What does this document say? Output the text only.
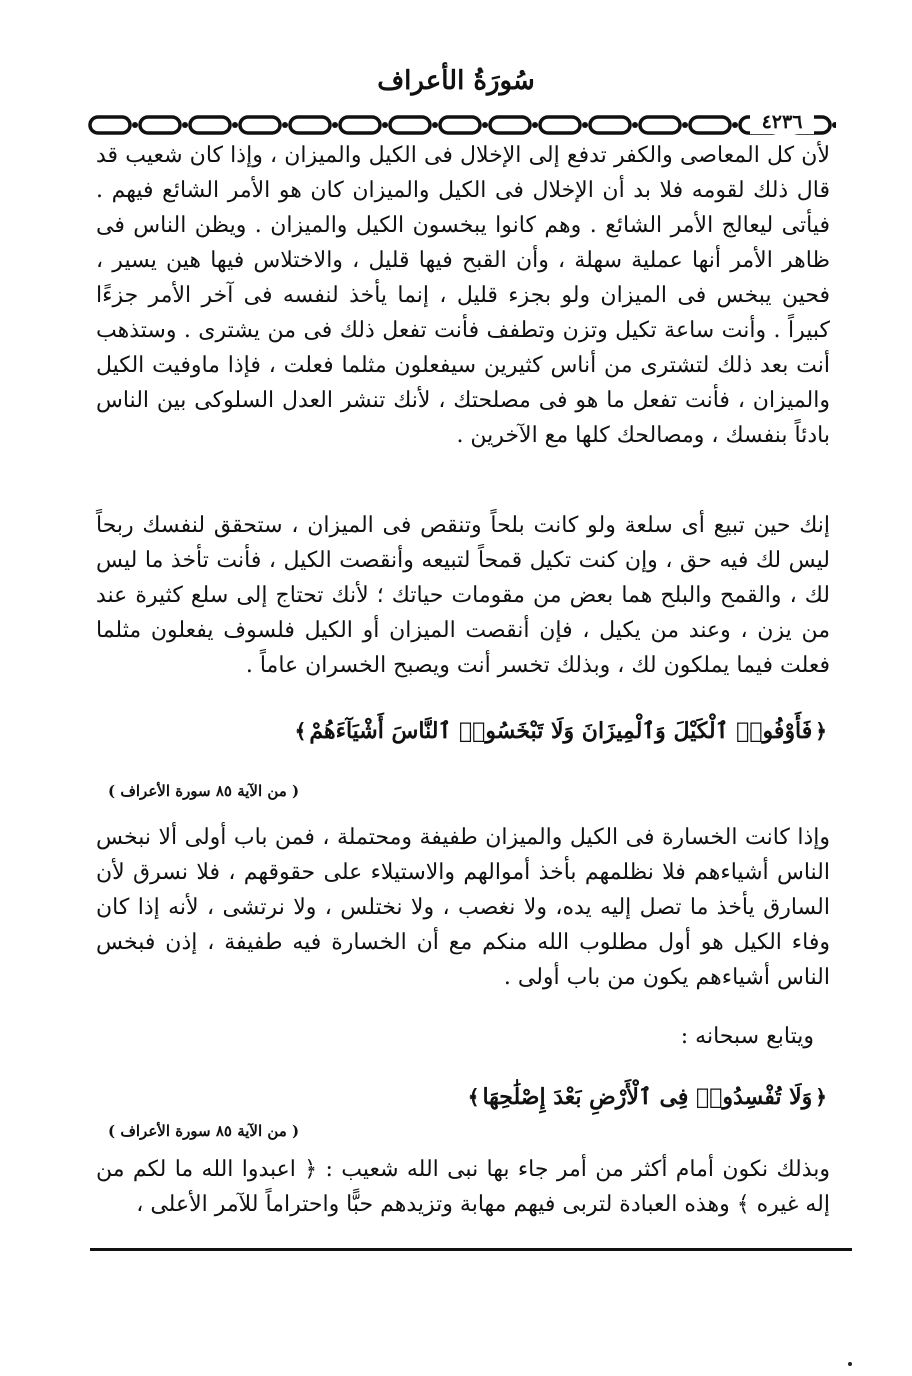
سُورَةُ الأعراف
٤٢٣٦

لأن كل المعاصى والكفر تدفع إلى الإخلال فى الكيل والميزان ، وإذا كان شعيب قد قال ذلك لقومه فلا بد أن الإخلال فى الكيل والميزان كان هو الأمر الشائع فيهم . فيأتى ليعالج الأمر الشائع . وهم كانوا يبخسون الكيل والميزان . ويظن الناس فى ظاهر الأمر أنها عملية سهلة ، وأن القبح فيها قليل ، والاختلاس فيها هين يسير ، فحين يبخس فى الميزان ولو بجزء قليل ، إنما يأخذ لنفسه فى آخر الأمر جزءًا كبيراً . وأنت ساعة تكيل وتزن وتطفف فأنت تفعل ذلك فى من يشترى . وستذهب أنت بعد ذلك لتشترى من أناس كثيرين سيفعلون مثلما فعلت ، فإذا ماوفيت الكيل والميزان ، فأنت تفعل ما هو فى مصلحتك ، لأنك تنشر العدل السلوكى بين الناس بادئاً بنفسك ، ومصالحك كلها مع الآخرين .

إنك حين تبيع أى سلعة ولو كانت بلحاً وتنقص فى الميزان ، ستحقق لنفسك ربحاً ليس لك فيه حق ، وإن كنت تكيل قمحاً لتبيعه وأنقصت الكيل ، فأنت تأخذ ما ليس لك ، والقمح والبلح هما بعض من مقومات حياتك ؛ لأنك تحتاج إلى سلع كثيرة عند من يزن ، وعند من يكيل ، فإن أنقصت الميزان أو الكيل فلسوف يفعلون مثلما فعلت فيما يملكون لك ، وبذلك تخسر أنت ويصبح الخسران عاماً .

﴿فَأَوْفُوا۟ ٱلْكَيْلَ وَٱلْمِيزَانَ وَلَا تَبْخَسُوا۟ ٱلنَّاسَ أَشْيَآءَهُمْ﴾
( من الآية ٨٥ سورة الأعراف )

وإذا كانت الخسارة فى الكيل والميزان طفيفة ومحتملة ، فمن باب أولى ألا نبخس الناس أشياءهم فلا نظلمهم بأخذ أموالهم والاستيلاء على حقوقهم ، فلا نسرق لأن السارق يأخذ ما تصل إليه يده، ولا نغصب ، ولا نختلس ، ولا نرتشى ، لأنه إذا كان وفاء الكيل هو أول مطلوب الله منكم مع أن الخسارة فيه طفيفة ، إذن فبخس الناس أشياءهم يكون من باب أولى .

ويتابع سبحانه :
﴿وَلَا تُفْسِدُوا۟ فِى ٱلْأَرْضِ بَعْدَ إِصْلَٰحِهَا﴾
( من الآية ٨٥ سورة الأعراف )

وبذلك نكون أمام أكثر من أمر جاء بها نبى الله شعيب : ﴿ اعبدوا الله ما لكم من إله غيره ﴾ وهذه العبادة لتربى فيهم مهابة وتزيدهم حبًّا واحتراماً للآمر الأعلى ،
